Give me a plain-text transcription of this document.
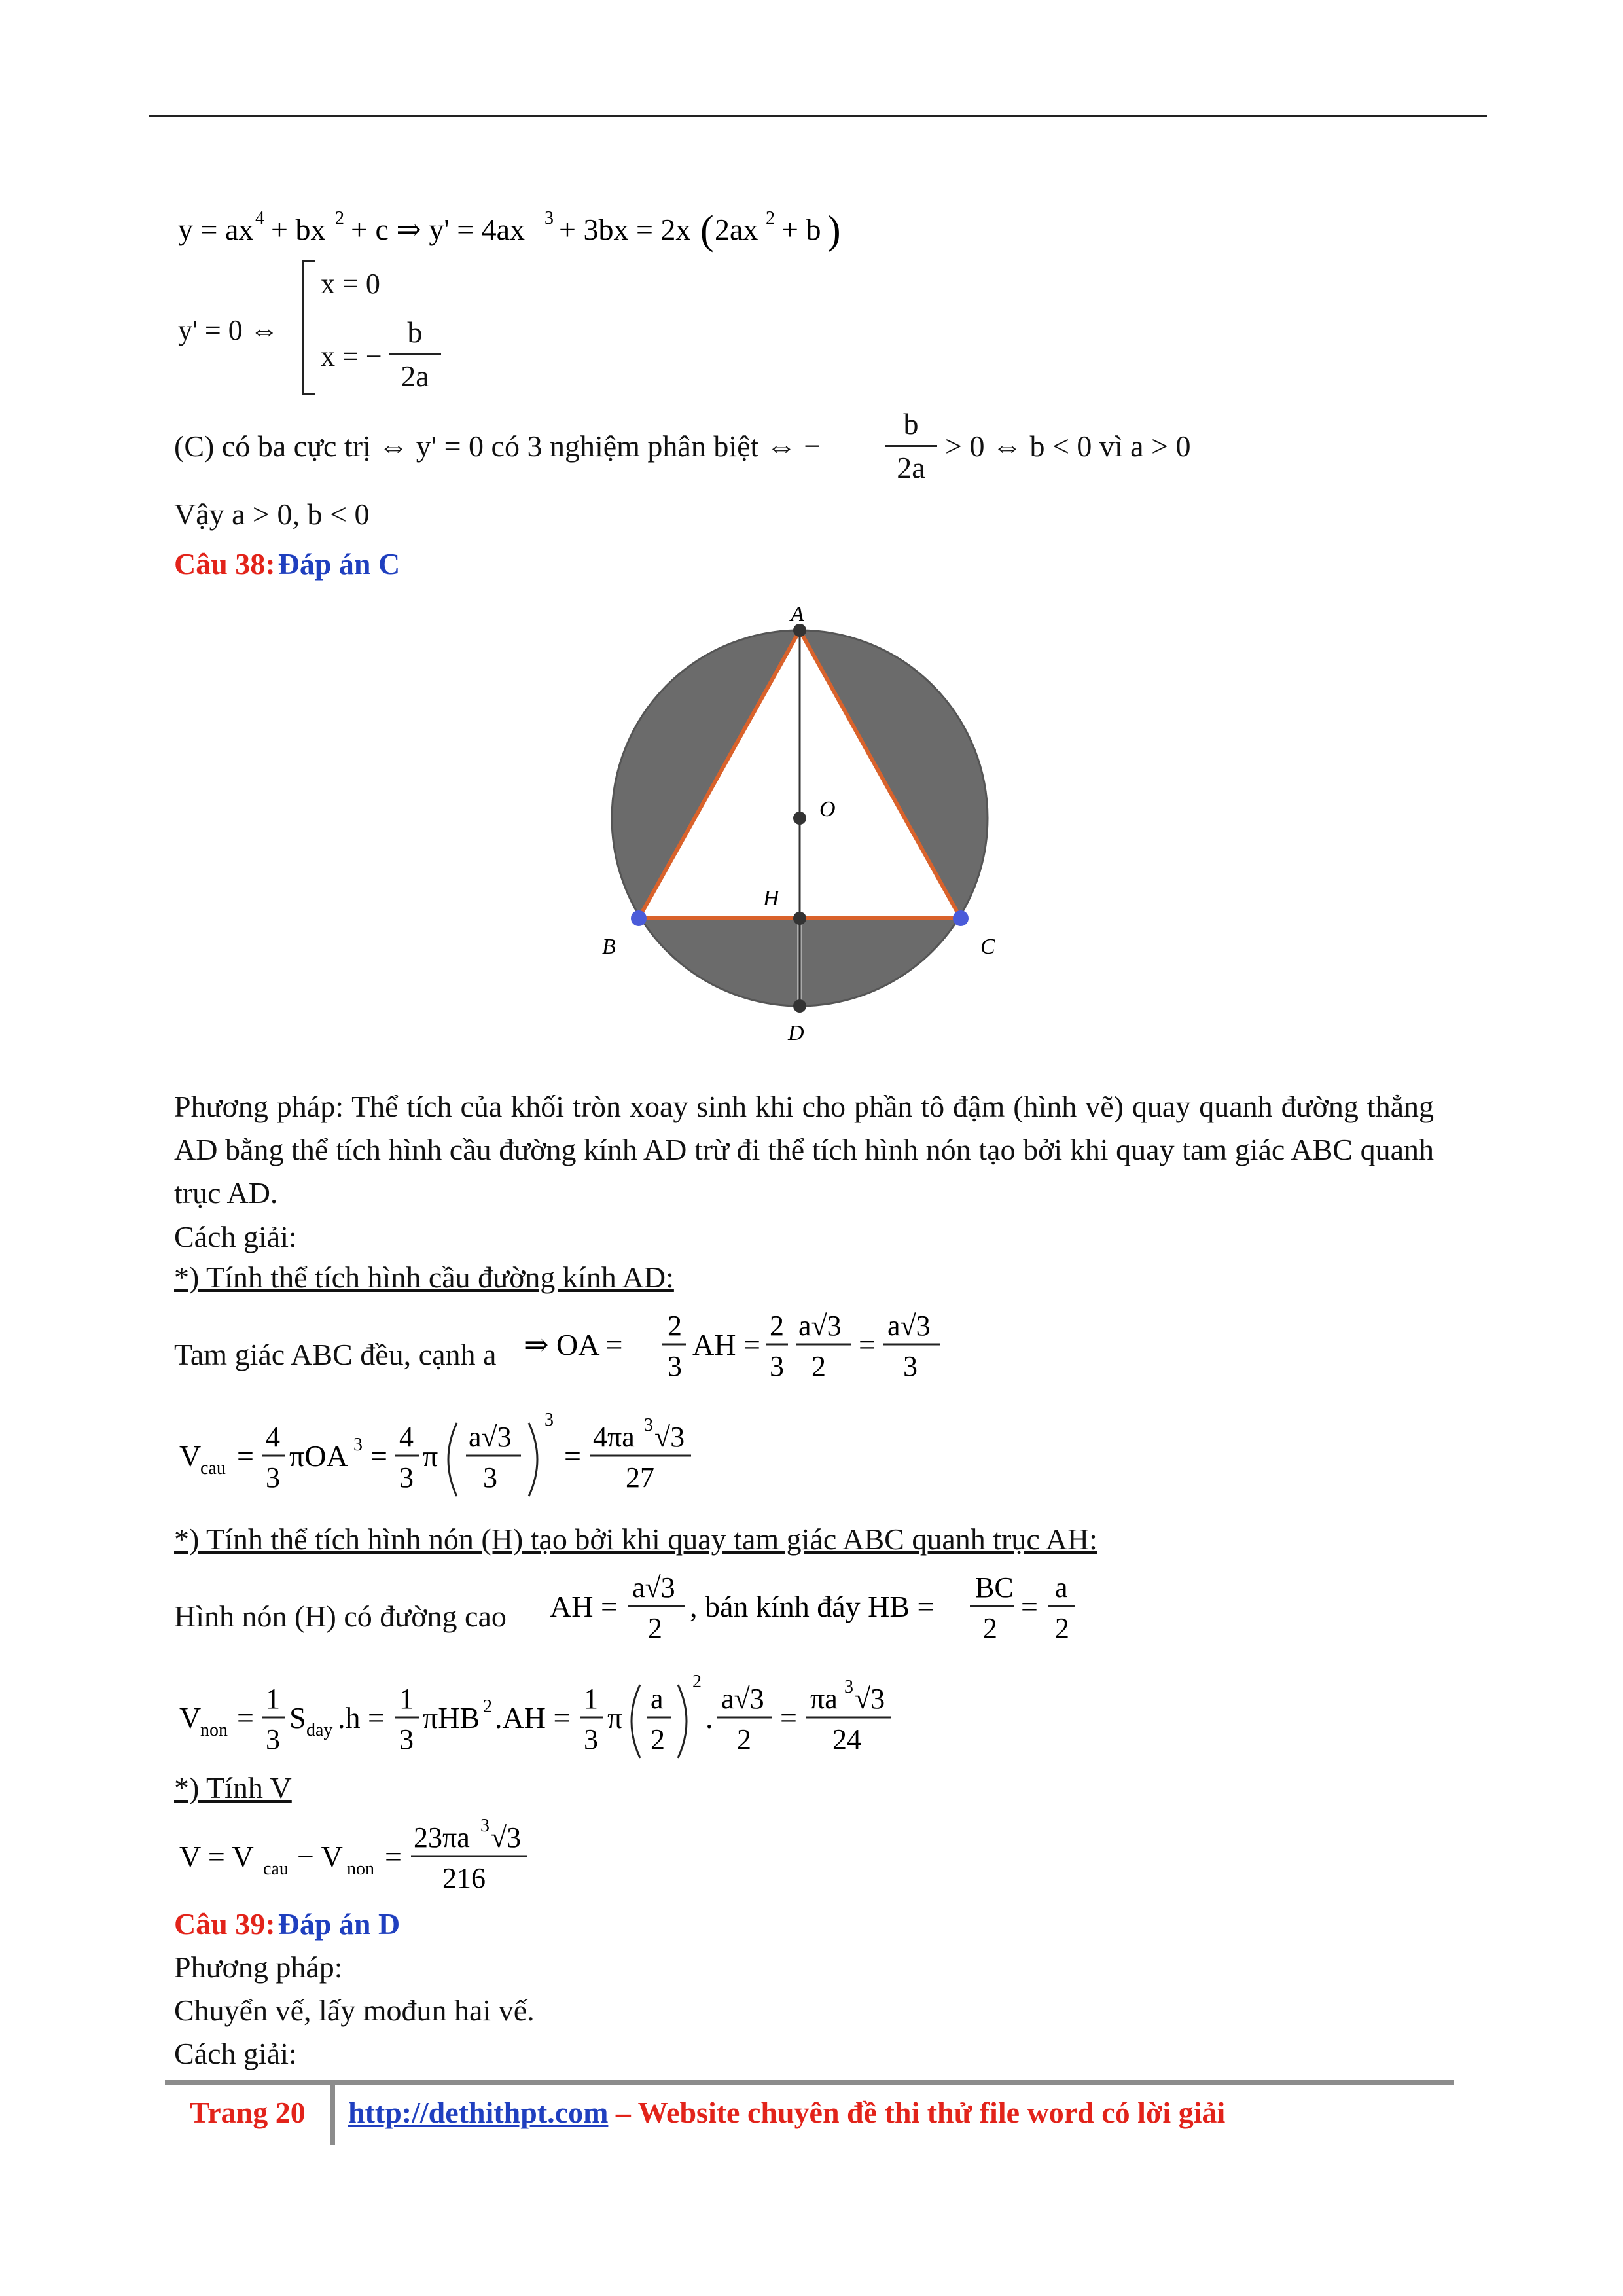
y = ax 4 + bx 2 + c ⇒ y' = 4ax 3 + 3bx = 2x ( 2ax 2 + b )
y' = 0 ⇔
x = 0
x = −
b
2a
(C) có ba cực trị ⇔ y' = 0 có 3 nghiệm phân biệt ⇔ −
b
2a
> 0 ⇔ b < 0 vì a > 0
Vậy a > 0, b < 0
Câu 38: Đáp án C
A
O
H
B	C
D
Phương pháp: Thể tích của khối tròn xoay sinh khi cho phần tô đậm (hình vẽ) quay quanh đường thẳng AD bằng thể tích hình cầu đường kính AD trừ đi thể tích hình nón tạo bởi khi quay tam giác ABC quanh trục AD.
Cách giải:
*) Tính thể tích hình cầu đường kính AD:
Tam giác ABC đều, cạnh a ⇒ OA =
2
3
AH =
2
3
a√3
2
=
a√3
3
V
cau =
4
3
πOA 3 =
4
3
π
a√3
3
3
=
4πa 3 √3
27
*) Tính thể tích hình nón (H) tạo bởi khi quay tam giác ABC quanh trục AH:
Hình nón (H) có đường cao AH =
a√3
2
, bán kính đáy HB =
BC
2
=
a
2
V
non =
1
3
S day .h =
1
3
πHB 2 .AH =
1
3
π
a
2
2
.
a√3
2
=
πa 3 √3
24
*) Tính V
V = V cau − V non =
23πa 3 √3
216
Câu 39: Đáp án D
Phương pháp:
Chuyển vế, lấy mođun hai vế.
Cách giải:
Trang 20 http://dethithpt.com – Website chuyên đề thi thử file word có lời giải
